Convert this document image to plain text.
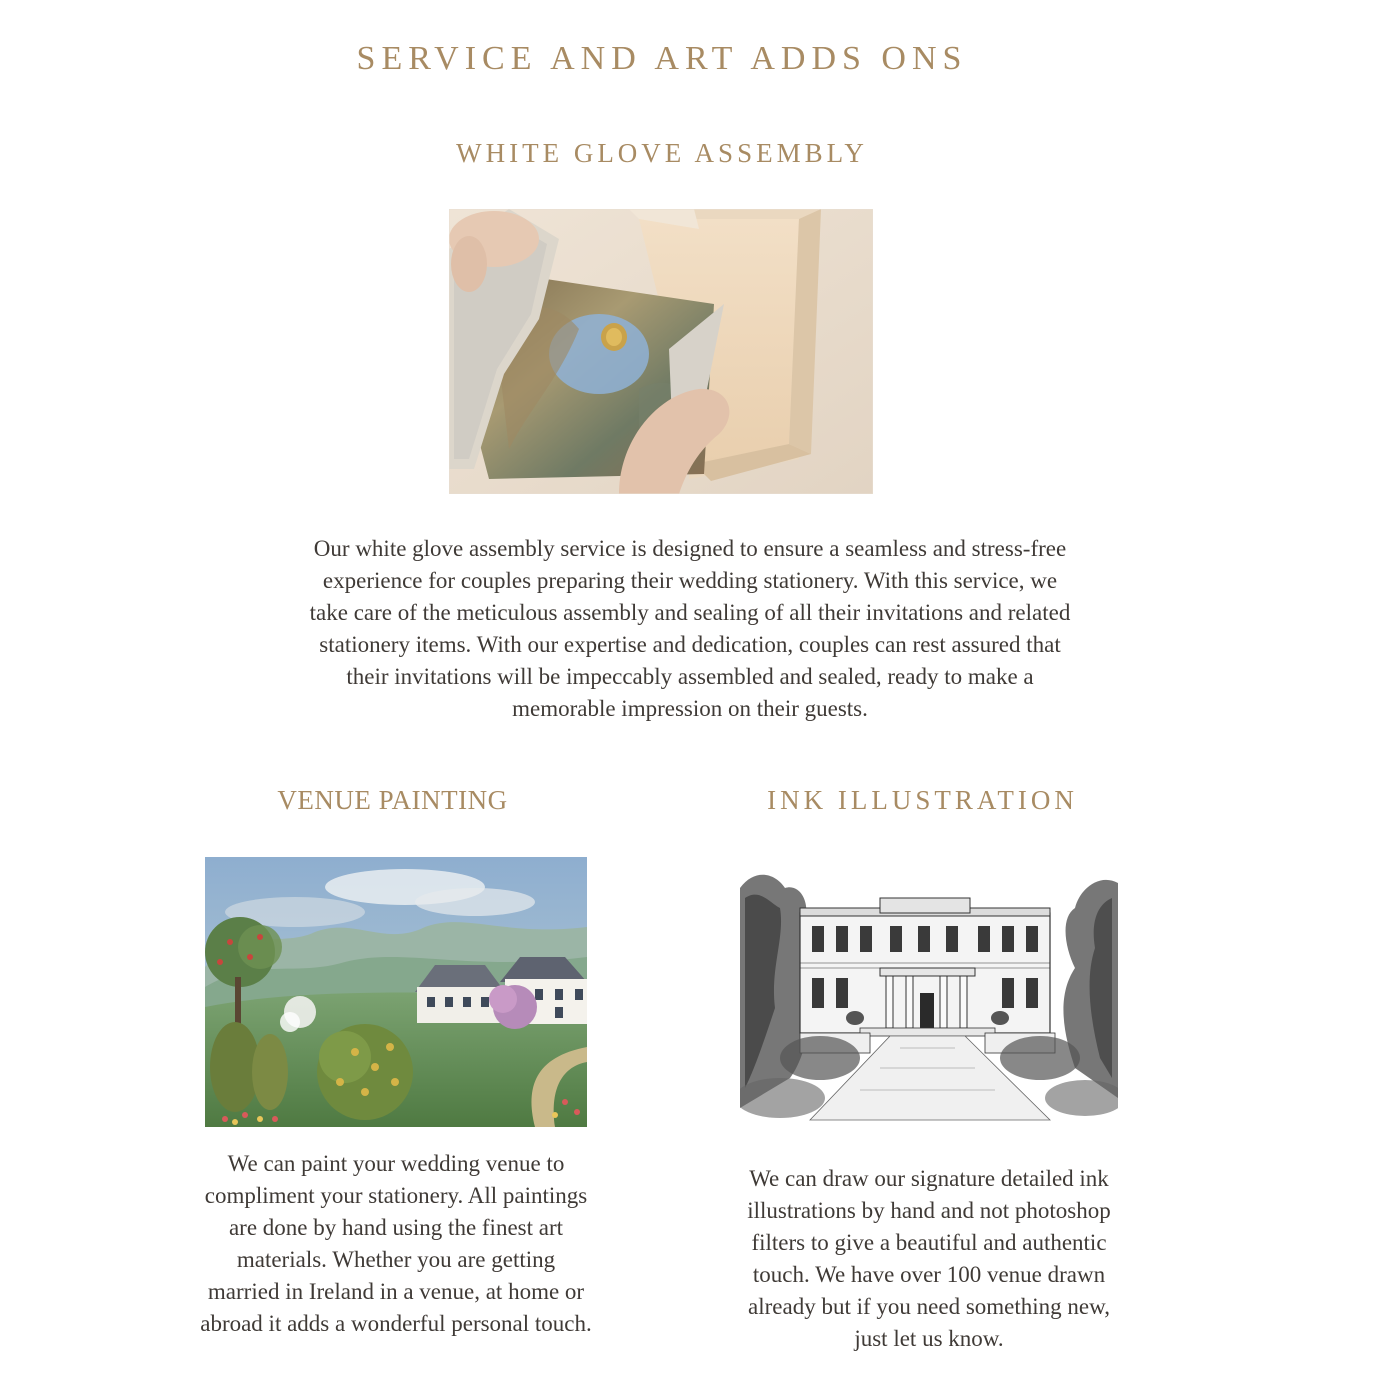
SERVICE AND ART ADDS ONS
WHITE GLOVE ASSEMBLY

Our white glove assembly service is designed to ensure a seamless and stress-free experience for couples preparing their wedding stationery. With this service, we take care of the meticulous assembly and sealing of all their invitations and related stationery items. With our expertise and dedication, couples can rest assured that their invitations will be impeccably assembled and sealed, ready to make a memorable impression on their guests.

VENUE PAINTING

We can paint your wedding venue to compliment your stationery. All paintings are done by hand using the finest art materials. Whether you are getting married in Ireland in a venue, at home or abroad it adds a wonderful personal touch.

INK ILLUSTRATION

We can draw our signature detailed ink illustrations by hand and not photoshop filters to give a beautiful and authentic touch. We have over 100 venue drawn already but if you need something new, just let us know.
